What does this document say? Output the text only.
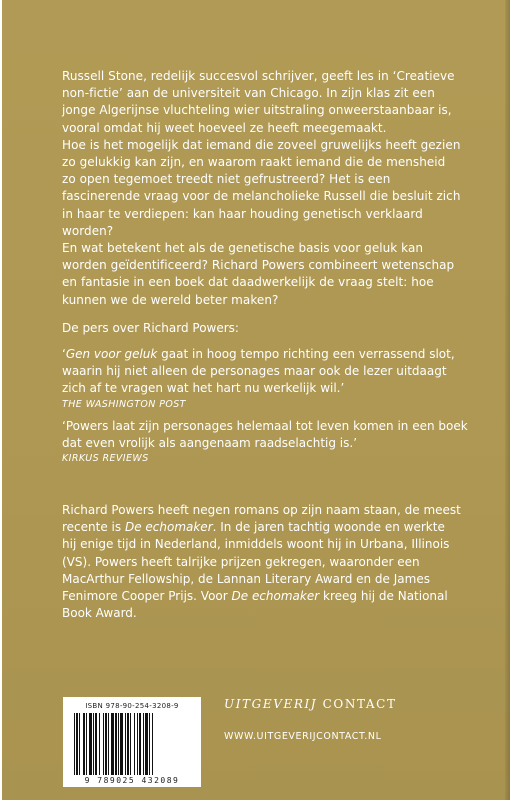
Russell Stone, redelijk succesvol schrijver, geeft les in ‘Creatieve non-fictie’ aan de universiteit van Chicago. In zijn klas zit een jonge Algerijnse vluchteling wier uitstraling onweerstaanbaar is, vooral omdat hij weet hoeveel ze heeft meegemaakt.

Hoe is het mogelijk dat iemand die zoveel gruwelijks heeft gezien zo gelukkig kan zijn, en waarom raakt iemand die de mensheid zo open tegemoet treedt niet gefrustreerd? Het is een fascinerende vraag voor de melancholieke Russell die besluit zich in haar te verdiepen: kan haar houding genetisch verklaard worden?

En wat betekent het als de genetische basis voor geluk kan worden geïdentificeerd? Richard Powers combineert wetenschap en fantasie in een boek dat daadwerkelijk de vraag stelt: hoe kunnen we de wereld beter maken?

De pers over Richard Powers:

‘Gen voor geluk gaat in hoog tempo richting een verrassend slot, waarin hij niet alleen de personages maar ook de lezer uitdaagt zich af te vragen wat het hart nu werkelijk wil.’

THE WASHINGTON POST

‘Powers laat zijn personages helemaal tot leven komen in een boek dat even vrolijk als aangenaam raadselachtig is.’

KIRKUS REVIEWS

Richard Powers heeft negen romans op zijn naam staan, de meest recente is De echomaker. In de jaren tachtig woonde en werkte hij enige tijd in Nederland, inmiddels woont hij in Urbana, Illinois (VS). Powers heeft talrijke prijzen gekregen, waaronder een MacArthur Fellowship, de Lannan Literary Award en de James Fenimore Cooper Prijs. Voor De echomaker kreeg hij de National Book Award.

ISBN 978-90-254-3208-9
9 789025 432089
UITGEVERIJ CONTACT
WWW.UITGEVERIJCONTACT.NL
